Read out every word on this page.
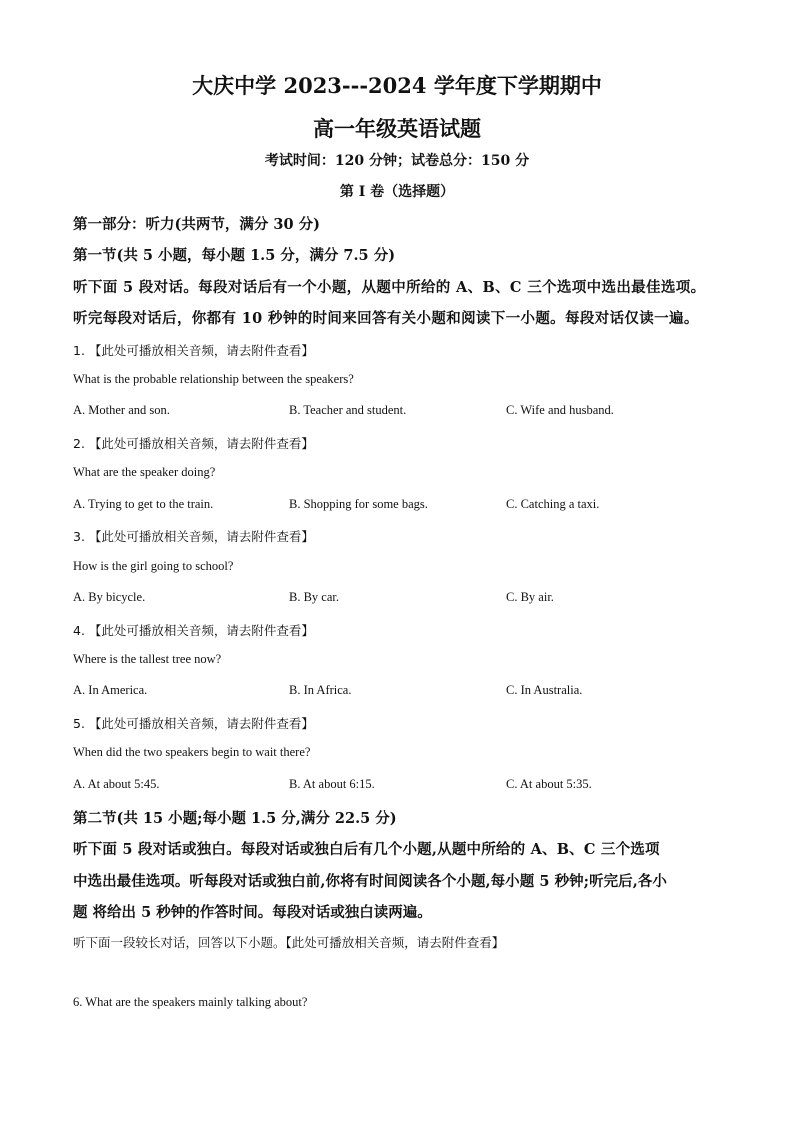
大庆中学 2023---2024 学年度下学期期中
高一年级英语试题
考试时间：120 分钟；试卷总分：150 分
第 I 卷（选择题）
第一部分：听力(共两节，满分 30 分)
第一节(共 5 小题，每小题 1.5 分，满分 7.5 分)
听下面 5 段对话。每段对话后有一个小题，从题中所给的 A、B、C 三个选项中选出最佳选项。
听完每段对话后，你都有 10 秒钟的时间来回答有关小题和阅读下一小题。每段对话仅读一遍。
1. 【此处可播放相关音频，请去附件查看】
What is the probable relationship between the speakers?
A. Mother and son.	B. Teacher and student.	C. Wife and husband.
2. 【此处可播放相关音频，请去附件查看】
What are the speaker doing?
A. Trying to get to the train.	B. Shopping for some bags.	C. Catching a taxi.
3. 【此处可播放相关音频，请去附件查看】
How is the girl going to school?
A. By bicycle.	B. By car.	C. By air.
4. 【此处可播放相关音频，请去附件查看】
Where is the tallest tree now?
A. In America.	B. In Africa.	C. In Australia.
5. 【此处可播放相关音频，请去附件查看】
When did the two speakers begin to wait there?
A. At about 5:45.	B. At about 6:15.	C. At about 5:35.
第二节(共 15 小题;每小题 1.5 分,满分 22.5 分)
听下面 5 段对话或独白。每段对话或独白后有几个小题,从题中所给的 A、B、C 三个选项
中选出最佳选项。听每段对话或独白前,你将有时间阅读各个小题,每小题 5 秒钟;听完后,各小
题 将给出 5 秒钟的作答时间。每段对话或独白读两遍。
听下面一段较长对话，回答以下小题。【此处可播放相关音频，请去附件查看】
6. What are the speakers mainly talking about?
